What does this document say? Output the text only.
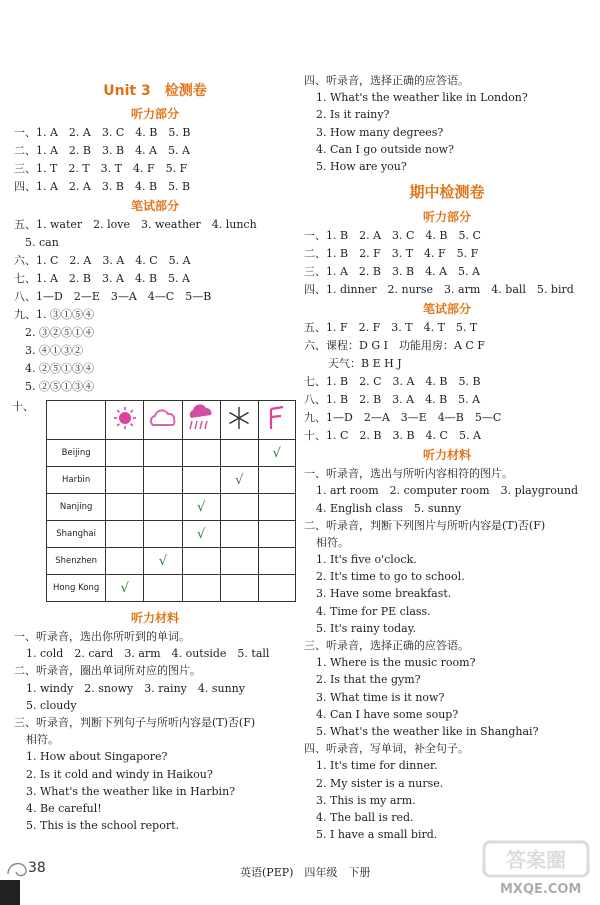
Unit 3　检测卷
听力部分
一、1. A　2. A　3. C　4. B　5. B
二、1. A　2. B　3. B　4. A　5. A
三、1. T　2. T　3. T　4. F　5. F
四、1. A　2. A　3. B　4. B　5. B
笔试部分
五、1. water　2. love　3. weather　4. lunch
　5. can
六、1. C　2. A　3. A　4. C　5. A
七、1. A　2. B　3. A　4. B　5. A
八、1—D　2—E　3—A　4—C　5—B
九、1. ③①⑤④
　2. ③②⑤①④
　3. ④①③②
　4. ②⑤①③④
　5. ②⑤①③④
十、

Beijing					√
Harbin				√	
Nanjing			√		
Shanghai			√		
Shenzhen		√			
Hong Kong	√				
听力材料
一、听录音，选出你所听到的单词。
1. cold　2. card　3. arm　4. outside　5. tall
二、听录音，圈出单词所对应的图片。
1. windy　2. snowy　3. rainy　4. sunny
5. cloudy
三、听录音，判断下列句子与所听内容是(T)否(F)
相符。
1. How about Singapore?
2. Is it cold and windy in Haikou?
3. What's the weather like in Harbin?
4. Be careful!
5. This is the school report.
四、听录音，选择正确的应答语。
1. What's the weather like in London?
2. Is it rainy?
3. How many degrees?
4. Can I go outside now?
5. How are you?
期中检测卷
听力部分
一、1. B　2. A　3. C　4. B　5. C
二、1. B　2. F　3. T　4. F　5. F
三、1. A　2. B　3. B　4. A　5. A
四、1. dinner　2. nurse　3. arm　4. ball　5. bird
笔试部分
五、1. F　2. F　3. T　4. T　5. T
六、课程：D G I　功能用房：A C F
天气：B E H J
七、1. B　2. C　3. A　4. B　5. B
八、1. B　2. B　3. A　4. B　5. A
九、1—D　2—A　3—E　4—B　5—C
十、1. C　2. B　3. B　4. C　5. A
听力材料
一、听录音，选出与所听内容相符的图片。
1. art room　2. computer room　3. playground
4. English class　5. sunny
二、听录音，判断下列图片与所听内容是(T)否(F)
相符。
1. It's five o'clock.
2. It's time to go to school.
3. Have some breakfast.
4. Time for PE class.
5. It's rainy today.
三、听录音，选择正确的应答语。
1. Where is the music room?
2. Is that the gym?
3. What time is it now?
4. Can I have some soup?
5. What's the weather like in Shanghai?
四、听录音，写单词，补全句子。
1. It's time for dinner.
2. My sister is a nurse.
3. This is my arm.
4. The ball is red.
5. I have a small bird.
38	英语(PEP)　四年级　下册
答案圈
MXQE.COM
